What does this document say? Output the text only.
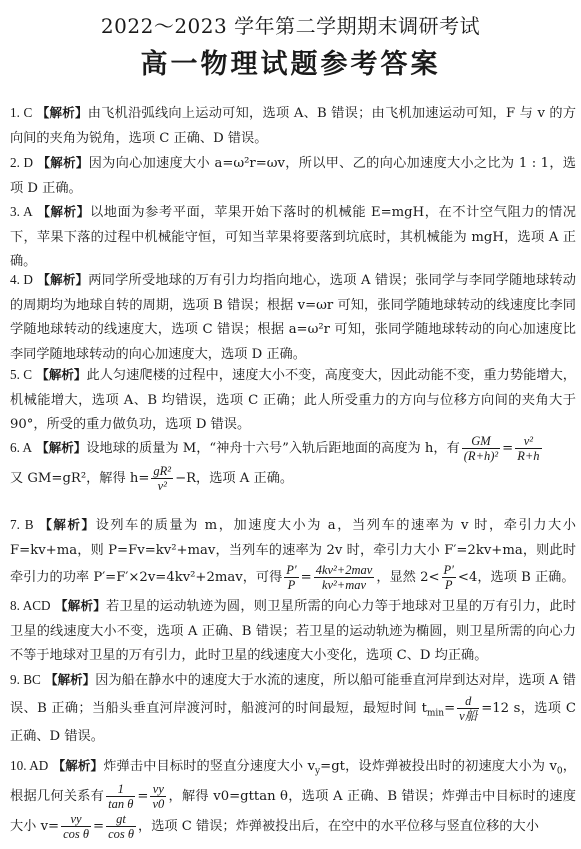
2022～2023 学年第二学期期末调研考试
高一物理试题参考答案
1. C 【解析】由飞机沿弧线向上运动可知，选项 A、B 错误；由飞机加速运动可知，F 与 v 的方向间的夹角为锐角，选项 C 正确、D 错误。
2. D 【解析】因为向心加速度大小 a=ω²r=ωv，所以甲、乙的向心加速度大小之比为 1 : 1，选项 D 正确。
3. A 【解析】以地面为参考平面，苹果开始下落时的机械能 E=mgH，在不计空气阻力的情况下，苹果下落的过程中机械能守恒，可知当苹果将要落到坑底时，其机械能为 mgH，选项 A 正确。
4. D 【解析】两同学所受地球的万有引力均指向地心，选项 A 错误；张同学与李同学随地球转动的周期均为地球自转的周期，选项 B 错误；根据 v=ωr 可知，张同学随地球转动的线速度比李同学随地球转动的线速度大，选项 C 错误；根据 a=ω²r 可知，张同学随地球转动的向心加速度比李同学随地球转动的向心加速度大，选项 D 正确。
5. C 【解析】此人匀速爬楼的过程中，速度大小不变，高度变大，因此动能不变，重力势能增大，机械能增大，选项 A、B 均错误，选项 C 正确；此人所受重力的方向与位移方向间的夹角大于 90°，所受的重力做负功，选项 D 错误。
6. A 【解析】设地球的质量为 M，“神舟十六号”入轨后距地面的高度为 h，有 $\frac{GM}{\text{(R+h)²}} = \frac{\text{v²}}{R+h}$

又 GM=gR²，解得 $h= \frac{\text{gR²}}{\text{v²}} -R$，选项 A 正确。
7. B 【解析】设列车的质量为 m，加速度大小为 a，当列车的速率为 v 时，牵引力大小 F=kv+ma，则 P=Fv=kv²+mav，当列车的速率为 2v 时，牵引力大小 F′=2kv+ma，则此时牵引力的功率 P′=F′×2v=4kv²+2mav，可得 $\frac{P'}{P} = \frac{\text{4kv²+2mav}}{\text{kv²+mav}}$ ，显然 $2< \frac{P'}{P} <4$，选项 B 正确。
8. ACD 【解析】若卫星的运动轨迹为圆，则卫星所需的向心力等于地球对卫星的万有引力，此时卫星的线速度大小不变，选项 A 正确、B 错误；若卫星的运动轨迹为椭圆，则卫星所需的向心力不等于地球对卫星的万有引力，此时卫星的线速度大小变化，选项 C、D 均正确。
9. BC 【解析】因为船在静水中的速度大于水流的速度，所以船可能垂直河岸到达对岸，选项 A 错误、B 正确；当船头垂直河岸渡河时，船渡河的时间最短，最短时间 $t_{min}= \frac{d}{\text{v船}} =12$ s，选项 C 正确、D 错误。
10. AD 【解析】炸弹击中目标时的竖直分速度大小 $v_y=gt$，设炸弹被投出时的初速度大小为 $v_0$，根据几何关系有 $\frac{1}{\text{tan θ}} = \frac{vy}{v0}$ ，解得 v0=gttan θ，选项 A 正确、B 错误；炸弹击中目标时的速度大小 $v= \frac{vy}{\text{cos θ}} = \frac{gt}{\text{cos θ}}$ ，选项 C 错误；炸弹被投出后，在空中的水平位移与竖直位移的大小
